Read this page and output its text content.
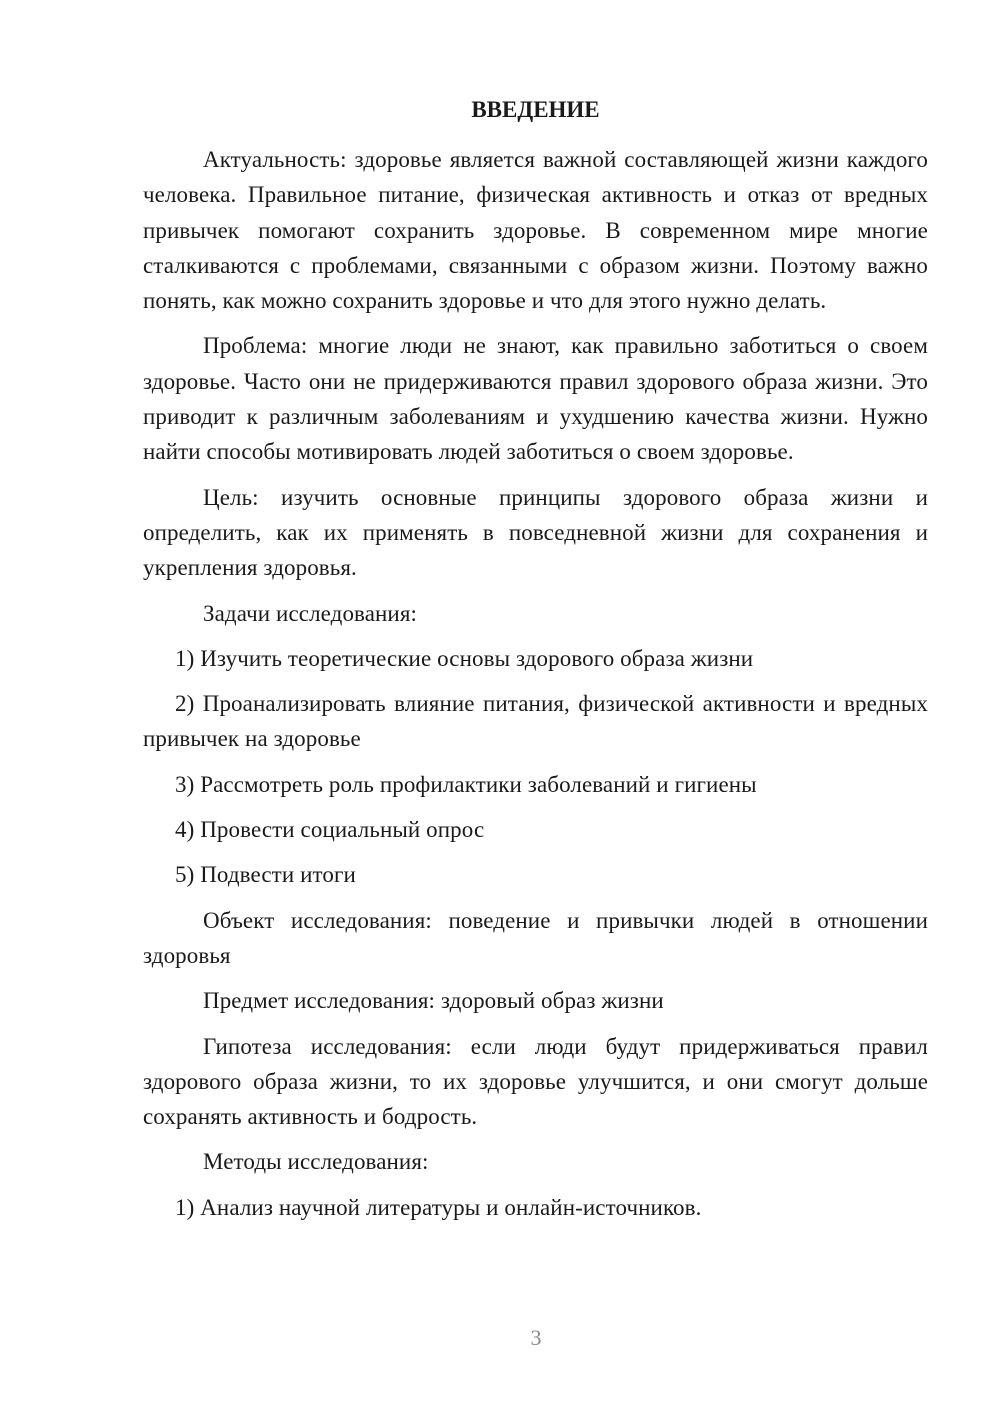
ВВЕДЕНИЕ

Актуальность: здоровье является важной составляющей жизни каждого человека. Правильное питание, физическая активность и отказ от вредных привычек помогают сохранить здоровье. В современном мире многие сталкиваются с проблемами, связанными с образом жизни. Поэтому важно понять, как можно сохранить здоровье и что для этого нужно делать.

Проблема: многие люди не знают, как правильно заботиться о своем здоровье. Часто они не придерживаются правил здорового образа жизни. Это приводит к различным заболеваниям и ухудшению качества жизни. Нужно найти способы мотивировать людей заботиться о своем здоровье.

Цель: изучить основные принципы здорового образа жизни и определить, как их применять в повседневной жизни для сохранения и укрепления здоровья.

Задачи исследования:

1) Изучить теоретические основы здорового образа жизни

2) Проанализировать влияние питания, физической активности и вредных привычек на здоровье

3) Рассмотреть роль профилактики заболеваний и гигиены

4) Провести социальный опрос

5) Подвести итоги

Объект исследования: поведение и привычки людей в отношении здоровья

Предмет исследования: здоровый образ жизни

Гипотеза исследования: если люди будут придерживаться правил здорового образа жизни, то их здоровье улучшится, и они смогут дольше сохранять активность и бодрость.

Методы исследования:

1) Анализ научной литературы и онлайн-источников.

3
